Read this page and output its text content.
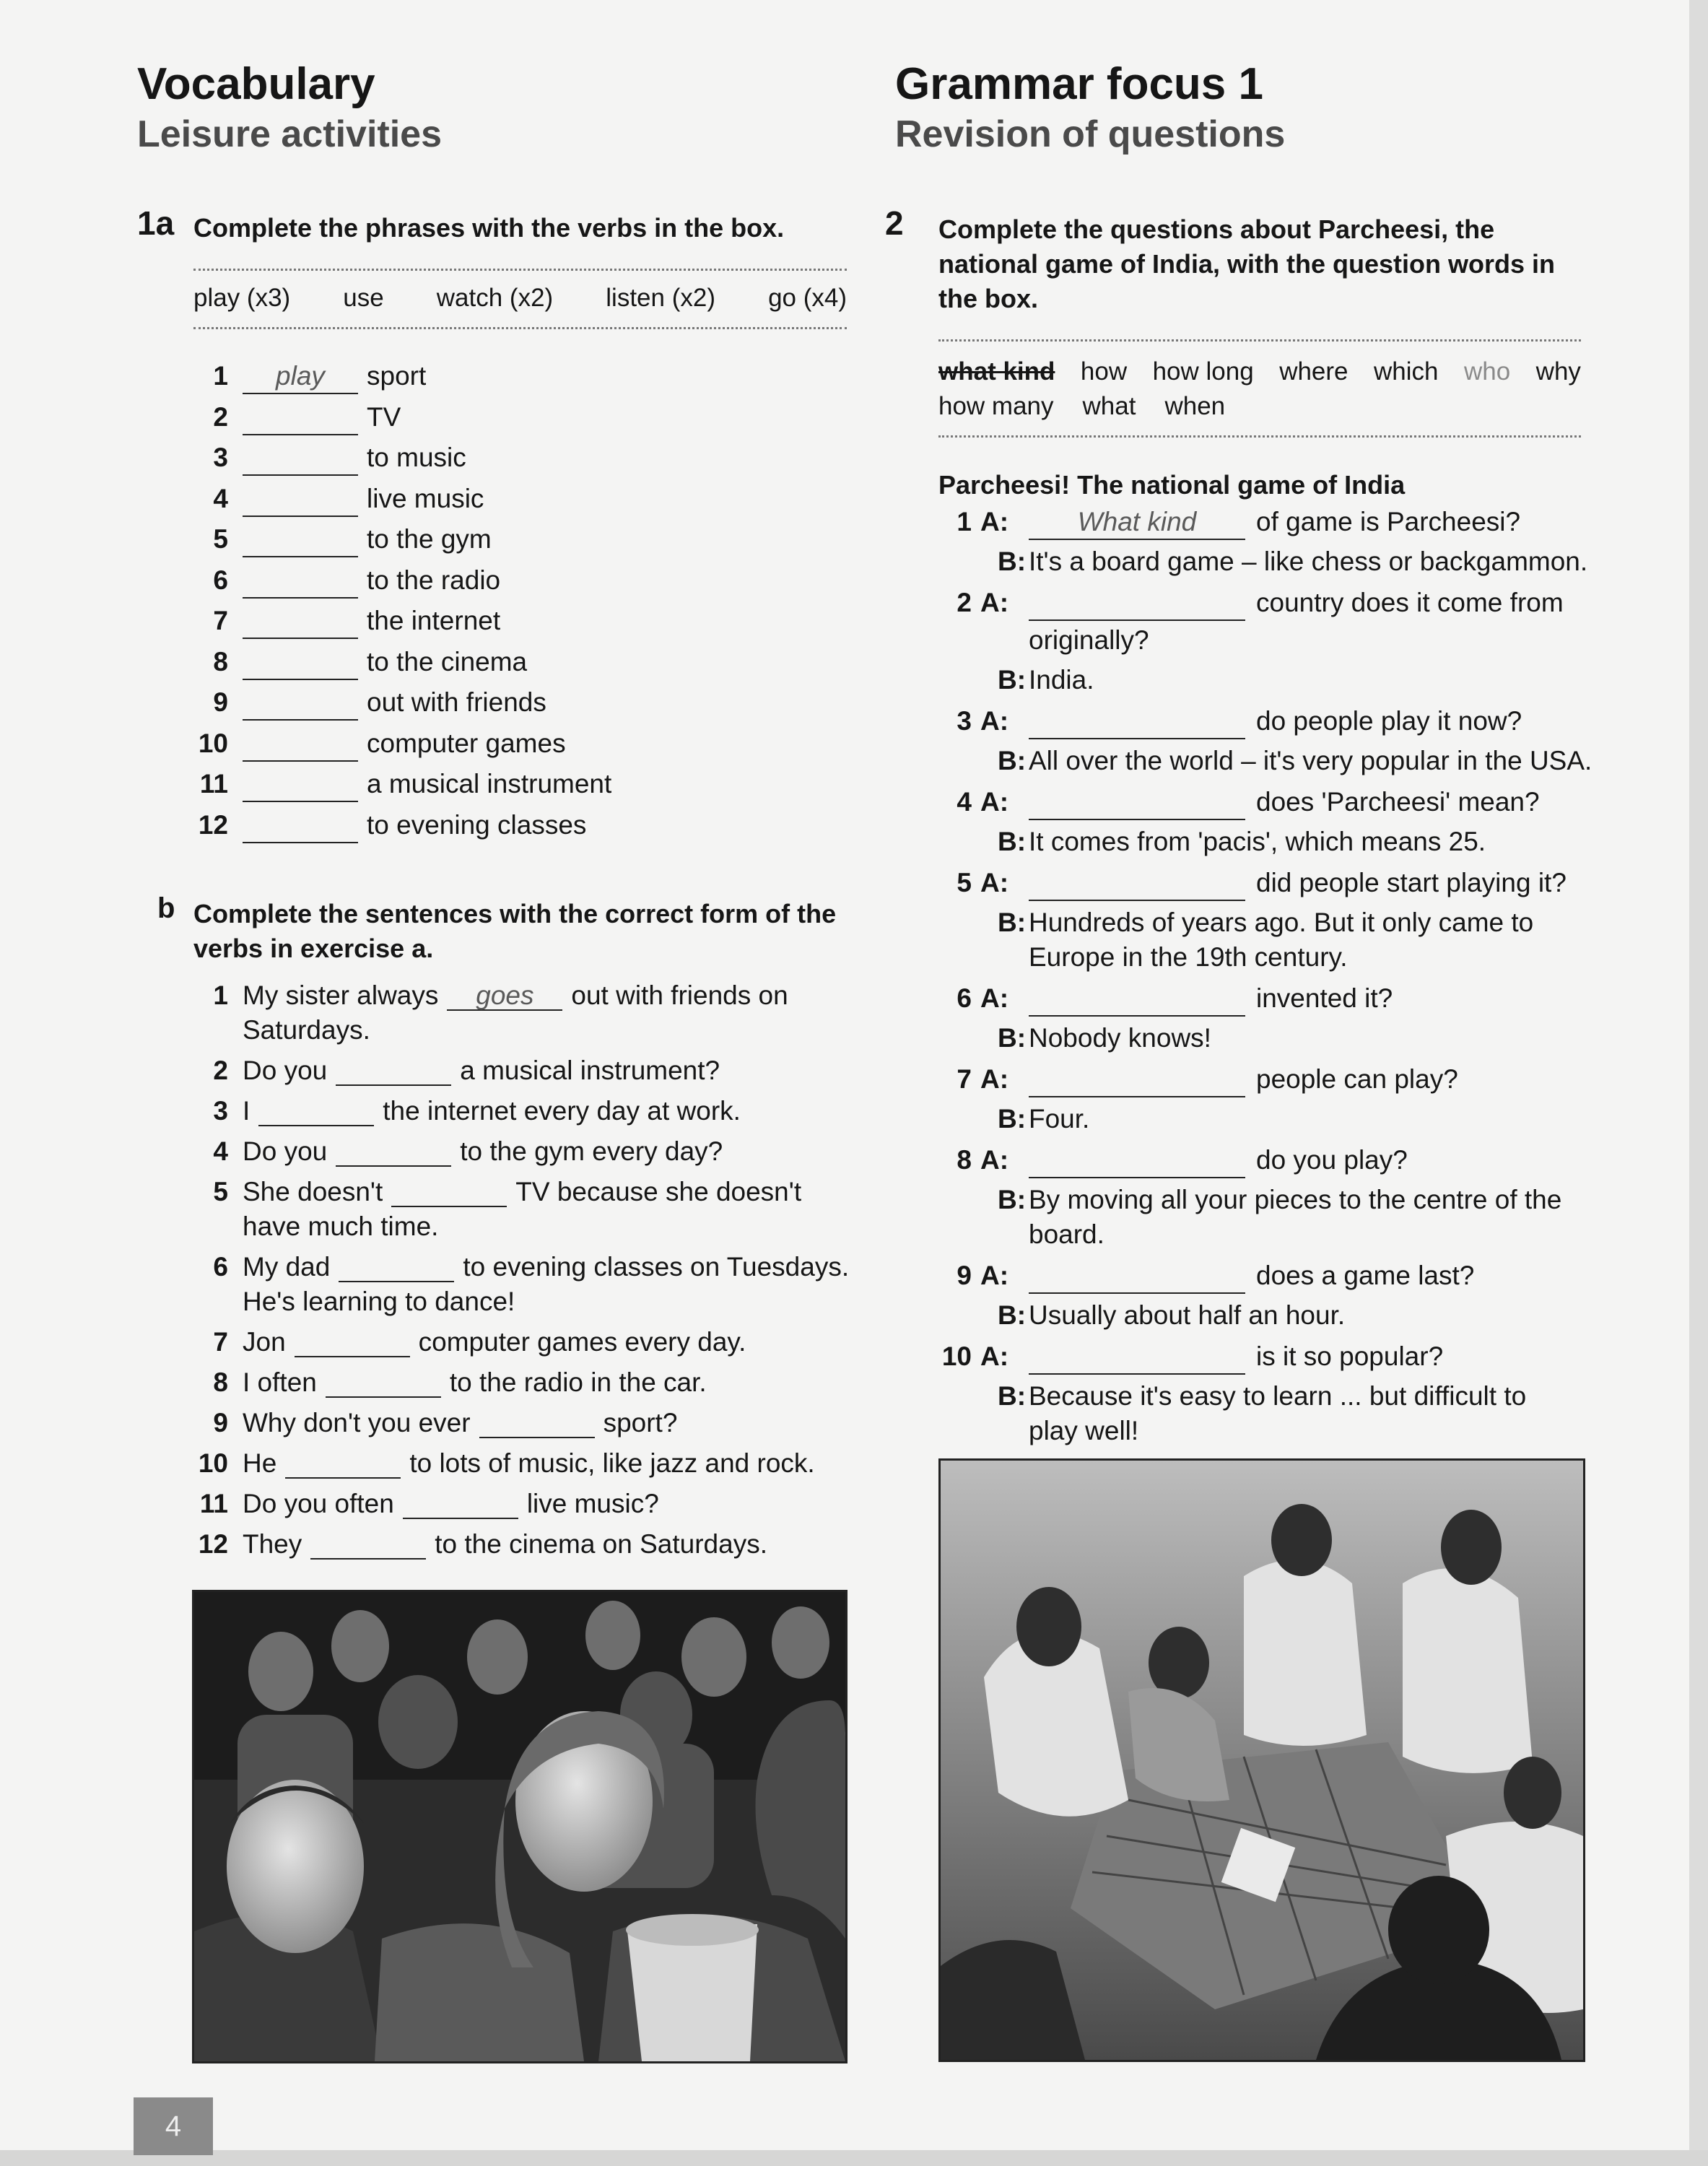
Vocabulary
Leisure activities
Grammar focus 1
Revision of questions
1a Complete the phrases with the verbs in the box.
play (x3) use watch (x2) listen (x2) go (x4)
1	play	sport
2	TV
3	to music
4	live music
5	to the gym
6	to the radio
7	the internet
8	to the cinema
9	out with friends
10	computer games
11	a musical instrument
12	to evening classes
b Complete the sentences with the correct form of the
verbs in exercise a.
1 My sister always	goes	out with friends on
Saturdays.
2 Do you	a musical instrument?
3 I	the internet every day at work.
4 Do you	to the gym every day?
5 She doesn't	TV because she doesn't
have much time.
6 My dad	to evening classes on Tuesdays.
He's learning to dance!
7 Jon	computer games every day.
8 I often	to the radio in the car.
9 Why don't you ever	sport?
10 He	to lots of music, like jazz and rock.
11 Do you often	live music?
12 They	to the cinema on Saturdays.
2 Complete the questions about Parcheesi, the
national game of India, with the question words in
the box.
what kind how how long where which who why
how many what when
Parcheesi! The national game of India
1 A:	What kind	of game is Parcheesi?
B: It's a board game – like chess or backgammon.
2 A:	country does it come from
originally?
B: India.
3 A:	do people play it now?
B: All over the world – it's very popular in the USA.
4 A:	does 'Parcheesi' mean?
B: It comes from 'pacis', which means 25.
5 A:	did people start playing it?
B: Hundreds of years ago. But it only came to
Europe in the 19th century.
6 A:	invented it?
B: Nobody knows!
7 A:	people can play?
B: Four.
8 A:	do you play?
B: By moving all your pieces to the centre of the
board.
9 A:	does a game last?
B: Usually about half an hour.
10 A:	is it so popular?
B: Because it's easy to learn ... but difficult to
play well!
4
